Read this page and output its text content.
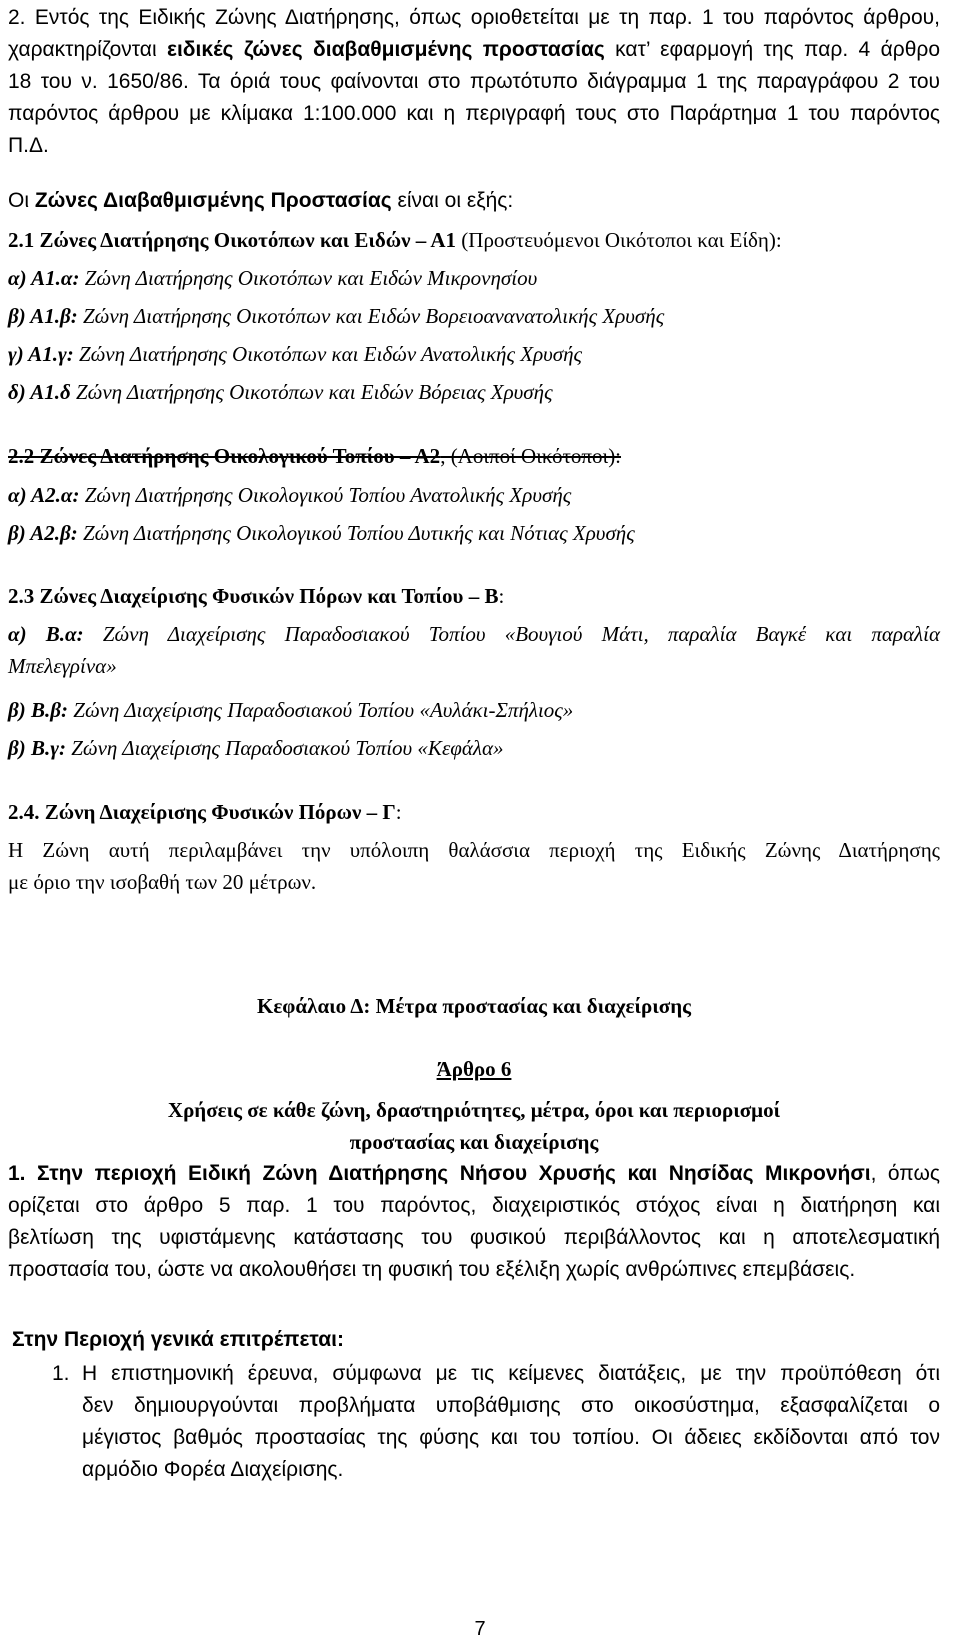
2. Εντός της Ειδικής Ζώνης Διατήρησης, όπως οριοθετείται με τη παρ. 1 του παρόντος άρθρου,

χαρακτηρίζονται ειδικές ζώνες διαβαθμισμένης προστασίας κατ’ εφαρμογή της παρ. 4 άρθρο

18 του ν. 1650/86. Τα όριά τους φαίνονται στο πρωτότυπο διάγραμμα 1 της παραγράφου 2 του

παρόντος άρθρου με κλίμακα 1:100.000 και η περιγραφή τους στο Παράρτημα 1 του παρόντος

Π.Δ.

Οι Ζώνες Διαβαθμισμένης Προστασίας είναι οι εξής:
2.1 Ζώνες Διατήρησης Οικοτόπων και Ειδών – Α1 (Προστευόμενοι Οικότοποι και Είδη):
α) Α1.α: Ζώνη Διατήρησης Οικοτόπων και Ειδών Μικρονησίου
β) Α1.β: Ζώνη Διατήρησης Οικοτόπων και Ειδών Βορειοανανατολικής Χρυσής
γ) Α1.γ: Ζώνη Διατήρησης Οικοτόπων και Ειδών Ανατολικής Χρυσής
δ) Α1.δ Ζώνη Διατήρησης Οικοτόπων και Ειδών Βόρειας Χρυσής
2.2 Ζώνες Διατήρησης Οικολογικού Τοπίου – Α2, (Λοιποί Οικότοποι):
α) Α2.α: Ζώνη Διατήρησης Οικολογικού Τοπίου Ανατολικής Χρυσής
β) Α2.β: Ζώνη Διατήρησης Οικολογικού Τοπίου Δυτικής και Νότιας Χρυσής
2.3 Ζώνες Διαχείρισης Φυσικών Πόρων και Τοπίου – Β:

α) Β.α: Ζώνη Διαχείρισης Παραδοσιακού Τοπίου «Βουγιού Μάτι, παραλία Βαγκέ και παραλία

Μπελεγρίνα»

β) Β.β: Ζώνη Διαχείρισης Παραδοσιακού Τοπίου «Αυλάκι-Σπήλιος»
β) Β.γ: Ζώνη Διαχείρισης Παραδοσιακού Τοπίου «Κεφάλα»
2.4. Ζώνη Διαχείρισης Φυσικών Πόρων – Γ:

Η Ζώνη αυτή περιλαμβάνει την υπόλοιπη θαλάσσια περιοχή της Ειδικής Ζώνης Διατήρησης

με όριο την ισοβαθή των 20 μέτρων.

Κεφάλαιο Δ: Μέτρα προστασίας και διαχείρισης
Άρθρο 6

Χρήσεις σε κάθε ζώνη, δραστηριότητες, μέτρα, όροι και περιορισμοί

προστασίας και διαχείρισης

1. Στην περιοχή Ειδική Ζώνη Διατήρησης Νήσου Χρυσής και Νησίδας Μικρονήσι, όπως

ορίζεται στο άρθρο 5 παρ. 1 του παρόντος, διαχειριστικός στόχος είναι η διατήρηση και

βελτίωση της υφιστάμενης κατάστασης του φυσικού περιβάλλοντος και η αποτελεσματική

προστασία του, ώστε να ακολουθήσει τη φυσική του εξέλιξη χωρίς ανθρώπινες επεμβάσεις.

Στην Περιοχή γενικά επιτρέπεται:
1. Η επιστημονική έρευνα, σύμφωνα με τις κείμενες διατάξεις, με την προϋπόθεση ότι

δεν δημιουργούνται προβλήματα υποβάθμισης στο οικοσύστημα, εξασφαλίζεται ο

μέγιστος βαθμός προστασίας της φύσης και του τοπίου. Οι άδειες εκδίδονται από τον

αρμόδιο Φορέα Διαχείρισης.

7
